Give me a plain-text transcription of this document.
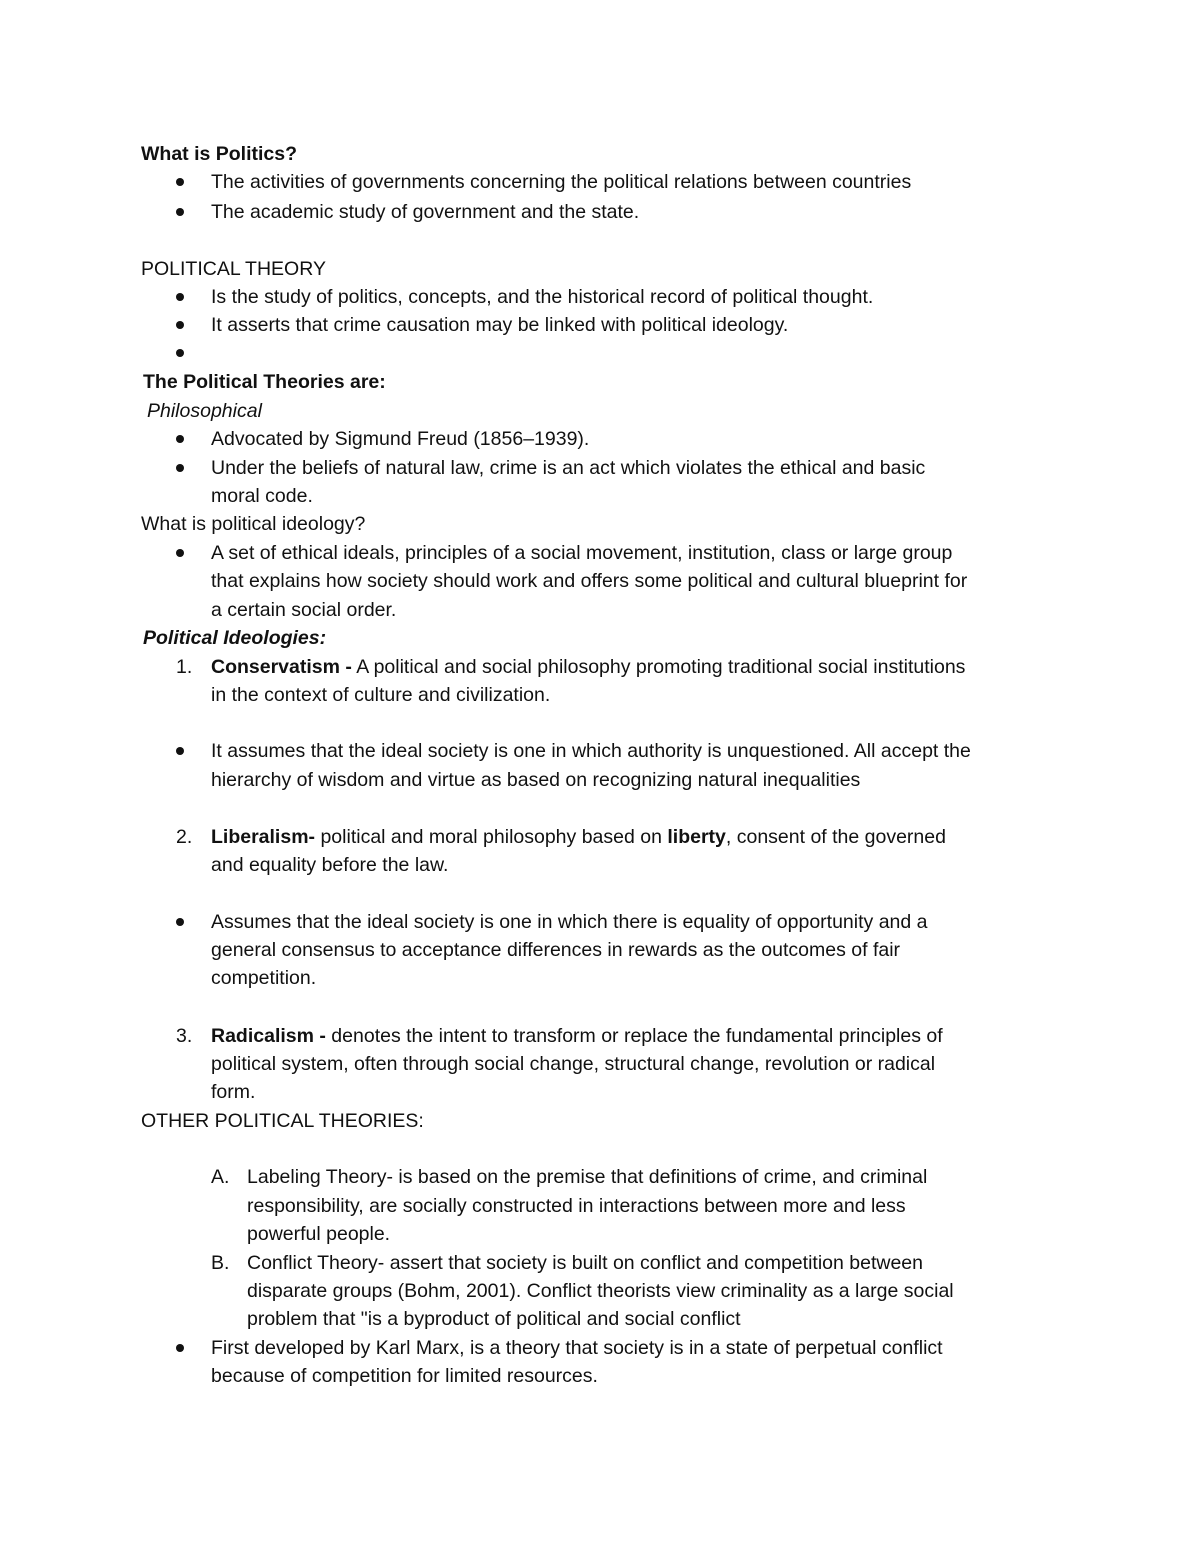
What is Politics?
The activities of governments concerning the political relations between countries
The academic study of government and the state.
POLITICAL THEORY
Is the study of politics, concepts, and the historical record of political thought.
It asserts that crime causation may be linked with political ideology.
The Political Theories are:
Philosophical
Advocated by Sigmund Freud (1856–1939).
Under the beliefs of natural law, crime is an act which violates the ethical and basic
moral code.
What is political ideology?
A set of ethical ideals, principles of a social movement, institution, class or large group
that explains how society should work and offers some political and cultural blueprint for
a certain social order.
Political Ideologies:
1. Conservatism - A political and social philosophy promoting traditional social institutions
in the context of culture and civilization.
It assumes that the ideal society is one in which authority is unquestioned. All accept the
hierarchy of wisdom and virtue as based on recognizing natural inequalities
2. Liberalism- political and moral philosophy based on liberty, consent of the governed
and equality before the law.
Assumes that the ideal society is one in which there is equality of opportunity and a
general consensus to acceptance differences in rewards as the outcomes of fair
competition.
3. Radicalism - denotes the intent to transform or replace the fundamental principles of
political system, often through social change, structural change, revolution or radical
form.
OTHER POLITICAL THEORIES:
A. Labeling Theory- is based on the premise that definitions of crime, and criminal
responsibility, are socially constructed in interactions between more and less
powerful people.
B. Conflict Theory- assert that society is built on conflict and competition between
disparate groups (Bohm, 2001). Conflict theorists view criminality as a large social
problem that "is a byproduct of political and social conflict
First developed by Karl Marx, is a theory that society is in a state of perpetual conflict
because of competition for limited resources.
